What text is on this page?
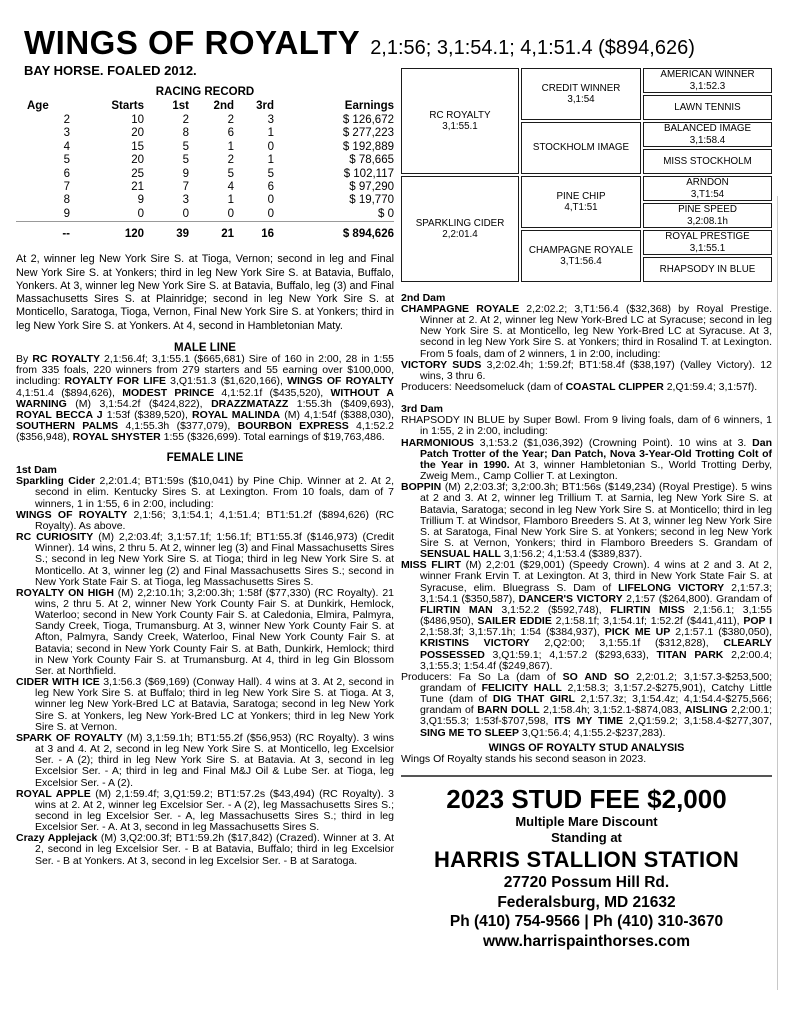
WINGS OF ROYALTY 2,1:56; 3,1:54.1; 4,1:51.4 ($894,626)
BAY HORSE. FOALED 2012.

RACING RECORD

Age	Starts	1st	2nd	3rd	Earnings
2	10	2	2	3	$ 126,672
3	20	8	6	1	$ 277,223
4	15	5	1	0	$ 192,889
5	20	5	2	1	$ 78,665
6	25	9	5	5	$ 102,117
7	21	7	4	6	$ 97,290
8	9	3	1	0	$ 19,770
9	0	0	0	0	$ 0
--	120	39	21	16	$ 894,626

At 2, winner leg New York Sire S. at Tioga, Vernon; second in leg and Final New York Sire S. at Yonkers; third in leg New York Sire S. at Batavia, Buffalo, Yonkers. At 3, winner leg New York Sire S. at Batavia, Buffalo, leg (3) and Final Massachusetts Sires S. at Plainridge; second in leg New York Sire S. at Monticello, Saratoga, Tioga, Vernon, Final New York Sire S. at Yonkers; third in leg New York Sire S. at Yonkers. At 4, second in Hambletonian Maty.

MALE LINE

By RC ROYALTY 2,1:56.4f; 3,1:55.1 ($665,681) Sire of 160 in 2:00, 28 in 1:55 from 335 foals, 220 winners from 279 starters and 55 earning over $100,000, including: ROYALTY FOR LIFE 3,Q1:51.3 ($1,620,166), WINGS OF ROYALTY 4,1:51.4 ($894,626), MODEST PRINCE 4,1:52.1f ($435,520), WITHOUT A WARNING (M) 3,1:54.2f ($424,822), DRAZZMATAZZ 1:55.3h ($409,693), ROYAL BECCA J 1:53f ($389,520), ROYAL MALINDA (M) 4,1:54f ($388,030), SOUTHERN PALMS 4,1:55.3h ($377,079), BOURBON EXPRESS 4,1:52.2 ($356,948), ROYAL SHYSTER 1:55 ($326,699). Total earnings of $19,763,486.

FEMALE LINE

1st Dam

Sparkling Cider 2,2:01.4; BT1:59s ($10,041) by Pine Chip. Winner at 2. At 2, second in elim. Kentucky Sires S. at Lexington. From 10 foals, dam of 7 winners, 1 in 1:55, 6 in 2:00, including:

WINGS OF ROYALTY 2,1:56; 3,1:54.1; 4,1:51.4; BT1:51.2f ($894,626) (RC Royalty). As above.

RC CURIOSITY (M) 2,2:03.4f; 3,1:57.1f; 1:56.1f; BT1:55.3f ($146,973) (Credit Winner). 14 wins, 2 thru 5. At 2, winner leg (3) and Final Massachusetts Sires S.; second in leg New York Sire S. at Tioga; third in leg New York Sire S. at Monticello. At 3, winner leg (2) and Final Massachusetts Sires S.; second in New York State Fair S. at Tioga, leg Massachusetts Sires S.

ROYALTY ON HIGH (M) 2,2:10.1h; 3,2:00.3h; 1:58f ($77,330) (RC Royalty). 21 wins, 2 thru 5. At 2, winner New York County Fair S. at Dunkirk, Hemlock, Waterloo; second in New York County Fair S. at Caledonia, Elmira, Palmyra, Sandy Creek, Tioga, Trumansburg. At 3, winner New York County Fair S. at Afton, Palmyra, Sandy Creek, Waterloo, Final New York County Fair S. at Batavia; second in New York County Fair S. at Bath, Dunkirk, Hemlock; third in New York County Fair S. at Trumansburg. At 4, third in leg Gin Blossom Ser. at Northfield.

CIDER WITH ICE 3,1:56.3 ($69,169) (Conway Hall). 4 wins at 3. At 2, second in leg New York Sire S. at Buffalo; third in leg New York Sire S. at Tioga. At 3, winner leg New York-Bred LC at Batavia, Saratoga; second in leg New York Sire S. at Yonkers, leg New York-Bred LC at Yonkers; third in leg New York Sire S. at Vernon.

SPARK OF ROYALTY (M) 3,1:59.1h; BT1:55.2f ($56,953) (RC Royalty). 3 wins at 3 and 4. At 2, second in leg New York Sire S. at Monticello, leg Excelsior Ser. - A (2); third in leg New York Sire S. at Batavia. At 3, second in leg Excelsior Ser. - A; third in leg and Final M&J Oil & Lube Ser. at Tioga, leg Excelsior Ser. - A (2).

ROYAL APPLE (M) 2,1:59.4f; 3,Q1:59.2; BT1:57.2s ($43,494) (RC Royalty). 3 wins at 2. At 2, winner leg Excelsior Ser. - A (2), leg Massachusetts Sires S.; second in leg Excelsior Ser. - A, leg Massachusetts Sires S.; third in leg Excelsior Ser. - A. At 3, second in leg Massachusetts Sires S.

Crazy Applejack (M) 3,Q2:00.3f; BT1:59.2h ($17,842) (Crazed). Winner at 3. At 2, second in leg Excelsior Ser. - B at Batavia, Buffalo; third in leg Excelsior Ser. - B at Yonkers. At 3, second in leg Excelsior Ser. - B at Saratoga.

RC ROYALTY
3,1:55.1
SPARKLING CIDER
2,2:01.4
CREDIT WINNER
3,1:54
STOCKHOLM IMAGE
PINE CHIP
4,T1:51
CHAMPAGNE ROYALE
3,T1:56.4
AMERICAN WINNER
3,1:52.3
LAWN TENNIS
BALANCED IMAGE
3,1:58.4
MISS STOCKHOLM
ARNDON
3,T1:54
PINE SPEED
3,2:08.1h
ROYAL PRESTIGE
3,1:55.1
RHAPSODY IN BLUE

2nd Dam

CHAMPAGNE ROYALE 2,2:02.2; 3,T1:56.4 ($32,368) by Royal Prestige. Winner at 2. At 2, winner leg New York-Bred LC at Syracuse; second in leg New York Sire S. at Monticello, leg New York-Bred LC at Syracuse. At 3, second in leg New York Sire S. at Yonkers; third in Rosalind T. at Lexington. From 5 foals, dam of 2 winners, 1 in 2:00, including:

VICTORY SUDS 3,2:02.4h; 1:59.2f; BT1:58.4f ($38,197) (Valley Victory). 12 wins, 3 thru 6.

Producers: Needsomeluck (dam of COASTAL CLIPPER 2,Q1:59.4; 3,1:57f).

3rd Dam

RHAPSODY IN BLUE by Super Bowl. From 9 living foals, dam of 6 winners, 1 in 1:55, 2 in 2:00, including:

HARMONIOUS 3,1:53.2 ($1,036,392) (Crowning Point). 10 wins at 3. Dan Patch Trotter of the Year; Dan Patch, Nova 3-Year-Old Trotting Colt of the Year in 1990. At 3, winner Hambletonian S., World Trotting Derby, Zweig Mem., Camp Collier T. at Lexington.

BOPPIN (M) 2,2:03.3f; 3,2:00.3h; BT1:56s ($149,234) (Royal Prestige). 5 wins at 2 and 3. At 2, winner leg Trillium T. at Sarnia, leg New York Sire S. at Batavia, Saratoga; second in leg New York Sire S. at Monticello; third in leg Trillium T. at Windsor, Flamboro Breeders S. At 3, winner leg New York Sire S. at Saratoga, Final New York Sire S. at Yonkers; second in leg New York Sire S. at Vernon, Yonkers; third in Flamboro Breeders S. Grandam of SENSUAL HALL 3,1:56.2; 4,1:53.4 ($389,837).

MISS FLIRT (M) 2,2:01 ($29,001) (Speedy Crown). 4 wins at 2 and 3. At 2, winner Frank Ervin T. at Lexington. At 3, third in New York State Fair S. at Syracuse, elim. Bluegrass S. Dam of LIFELONG VICTORY 2,1:57.3; 3,1:54.1 ($350,587), DANCER'S VICTORY 2,1:57 ($264,800). Grandam of FLIRTIN MAN 3,1:52.2 ($592,748), FLIRTIN MISS 2,1:56.1; 3,1:55 ($486,950), SAILER EDDIE 2,1:58.1f; 3,1:54.1f; 1:52.2f ($441,411), POP I 2,1:58.3f; 3,1:57.1h; 1:54 ($384,937), PICK ME UP 2,1:57.1 ($380,050), KRISTINS VICTORY 2,Q2:00; 3,1:55.1f ($312,828), CLEARLY POSSESSED 3,Q1:59.1; 4,1:57.2 ($293,633), TITAN PARK 2,2:00.4; 3,1:55.3; 1:54.4f ($249,867).

Producers: Fa So La (dam of SO AND SO 2,2:01.2; 3,1:57.3-$253,500; grandam of FELICITY HALL 2,1:58.3; 3,1:57.2-$275,901), Catchy Little Tune (dam of DIG THAT GIRL 2,1:57.3z; 3,1:54.4z; 4,1:54.4-$275,566; grandam of BARN DOLL 2,1:58.4h; 3,1:52.1-$874,083, AISLING 2,2:00.1; 3,Q1:55.3; 1:53f-$707,598, ITS MY TIME 2,Q1:59.2; 3,1:58.4-$277,307, SING ME TO SLEEP 3,Q1:56.4; 4,1:55.2-$237,283).

WINGS OF ROYALTY STUD ANALYSIS

Wings Of Royalty stands his second season in 2023.

2023 STUD FEE $2,000
Multiple Mare Discount
Standing at
HARRIS STALLION STATION
27720 Possum Hill Rd.
Federalsburg, MD 21632
Ph (410) 754-9566 | Ph (410) 310-3670
www.harrispainthorses.com
